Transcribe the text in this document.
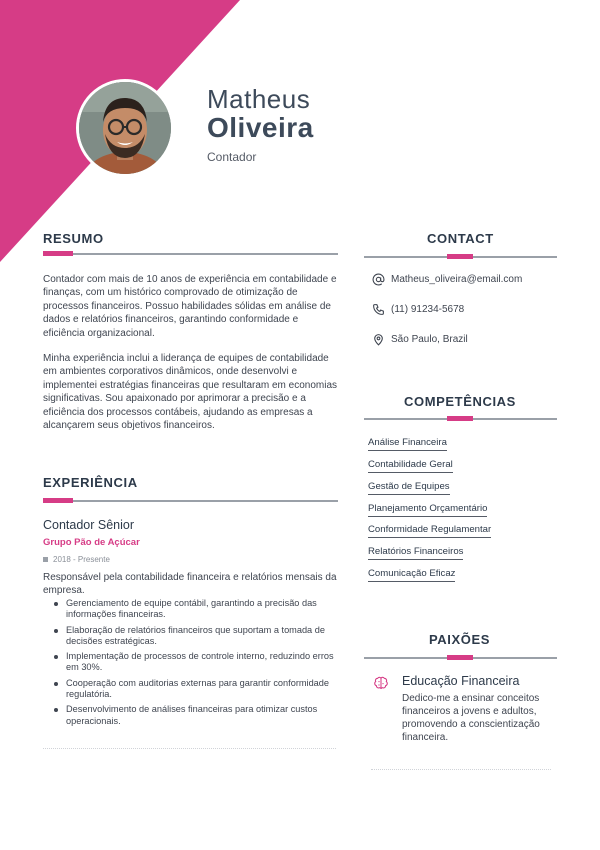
Matheus
Oliveira
Contador
RESUMO
Contador com mais de 10 anos de experiência em contabilidade e finanças, com um histórico comprovado de otimização de processos financeiros. Possuo habilidades sólidas em análise de dados e relatórios financeiros, garantindo conformidade e eficiência organizacional.
Minha experiência inclui a liderança de equipes de contabilidade em ambientes corporativos dinâmicos, onde desenvolvi e implementei estratégias financeiras que resultaram em economias significativas. Sou apaixonado por aprimorar a precisão e a eficiência dos processos contábeis, ajudando as empresas a alcançarem seus objetivos financeiros.
EXPERIÊNCIA
Contador Sênior
Grupo Pão de Açúcar
2018 - Presente
Responsável pela contabilidade financeira e relatórios mensais da empresa.
Gerenciamento de equipe contábil, garantindo a precisão das informações financeiras.
Elaboração de relatórios financeiros que suportam a tomada de decisões estratégicas.
Implementação de processos de controle interno, reduzindo erros em 30%.
Cooperação com auditorias externas para garantir conformidade regulatória.
Desenvolvimento de análises financeiras para otimizar custos operacionais.
CONTACT
Matheus_oliveira@email.com
(11) 91234-5678
São Paulo, Brazil
COMPETÊNCIAS
Análise Financeira
Contabilidade Geral
Gestão de Equipes
Planejamento Orçamentário
Conformidade Regulamentar
Relatórios Financeiros
Comunicação Eficaz
PAIXÕES
Educação Financeira
Dedico-me a ensinar conceitos financeiros a jovens e adultos, promovendo a conscientização financeira.
